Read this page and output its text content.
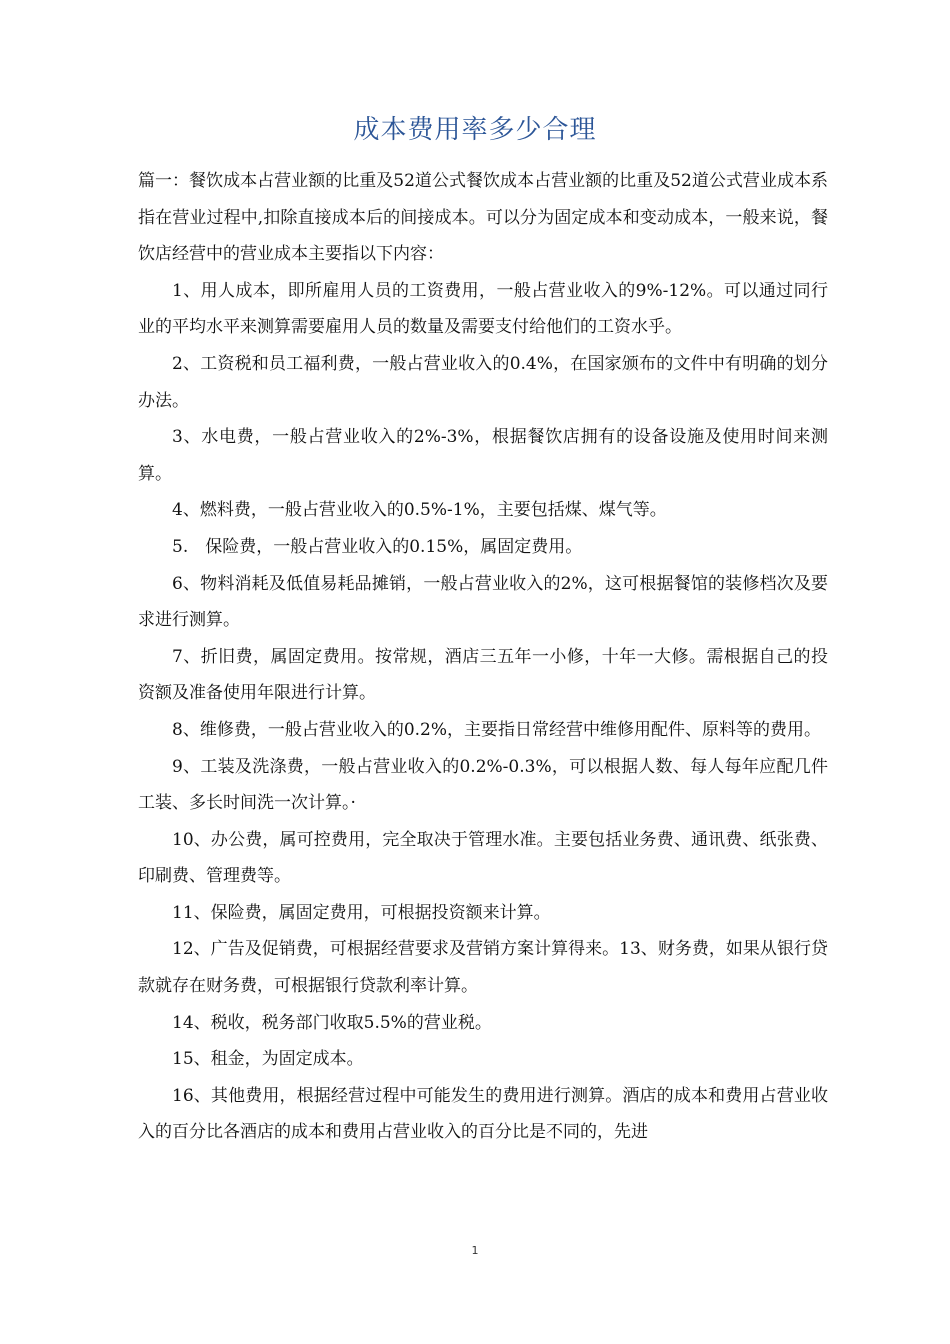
成本费用率多少合理

篇一：餐饮成本占营业额的比重及52道公式餐饮成本占营业额的比重及52道公式营业成本系指在营业过程中,扣除直接成本后的间接成本。可以分为固定成本和变动成本，一般来说，餐饮店经营中的营业成本主要指以下内容：

1、用人成本，即所雇用人员的工资费用，一般占营业收入的9%-12%。可以通过同行业的平均水平来测算需要雇用人员的数量及需要支付给他们的工资水乎。

2、工资税和员工福利费，一般占营业收入的0.4%，在国家颁布的文件中有明确的划分办法。

3、水电费，一般占营业收入的2%-3%，根据餐饮店拥有的设备设施及使用时间来测算。

4、燃料费，一般占营业收入的0.5%-1%，主要包括煤、煤气等。

5.　保险费，一般占营业收入的0.15%，属固定费用。

6、物料消耗及低值易耗品摊销，一般占营业收入的2%，这可根据餐馆的装修档次及要求进行测算。

7、折旧费，属固定费用。按常规，酒店三五年一小修，十年一大修。需根据自己的投资额及准备使用年限进行计算。

8、维修费，一般占营业收入的0.2%，主要指日常经营中维修用配件、原料等的费用。

9、工装及洗涤费，一般占营业收入的0.2%-0.3%，可以根据人数、每人每年应配几件工装、多长时间洗一次计算。·

10、办公费，属可控费用，完全取决于管理水准。主要包括业务费、通讯费、纸张费、印刷费、管理费等。

11、保险费，属固定费用，可根据投资额来计算。

12、广告及促销费，可根据经营要求及营销方案计算得来。13、财务费，如果从银行贷款就存在财务费，可根据银行贷款利率计算。

14、税收，税务部门收取5.5%的营业税。

15、租金，为固定成本。

16、其他费用，根据经营过程中可能发生的费用进行测算。酒店的成本和费用占营业收入的百分比各酒店的成本和费用占营业收入的百分比是不同的，先进

1
